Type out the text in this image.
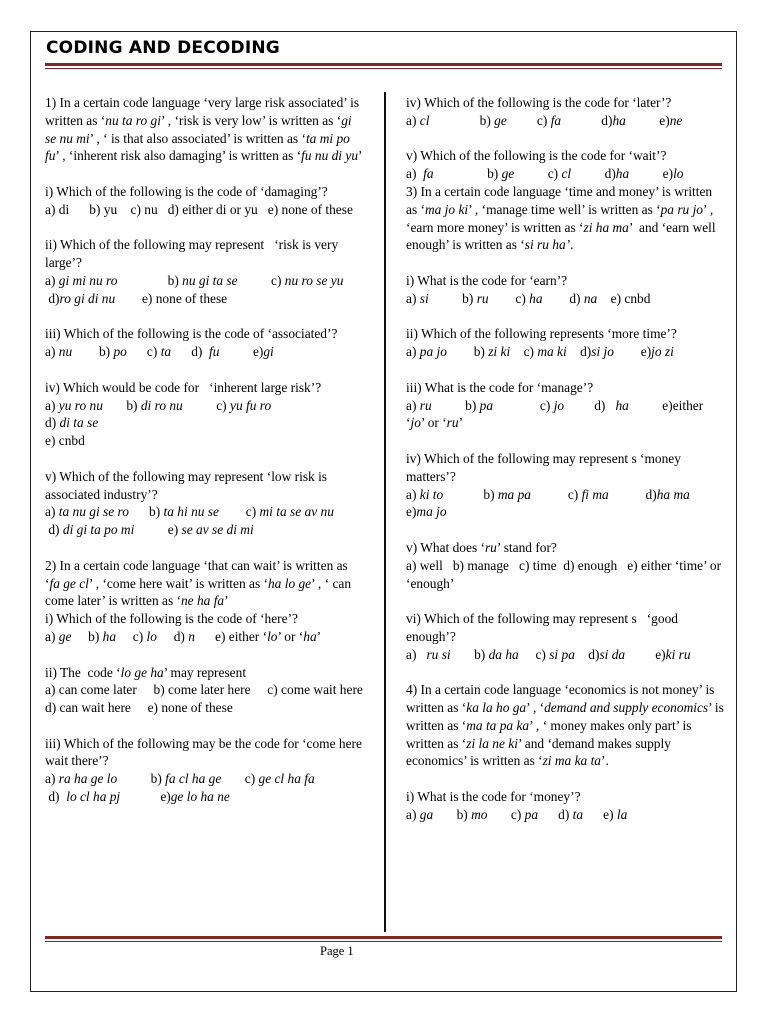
CODING AND DECODING

1) In a certain code language ‘very large risk associated’ is written as ‘nu ta ro gi’ , ‘risk is very low’ is written as ‘gi se nu mi’ , ‘ is that also associated’ is written as ‘ta mi po fu’ , ‘inherent risk also damaging’ is written as ‘fu nu di yu’

i) Which of the following is the code of ‘damaging’?

a) di      b) yu    c) nu   d) either di or yu   e) none of these

ii) Which of the following may represent   ‘risk is very large’?

a) gi mi nu ro               b) nu gi ta se          c) nu ro se yu

d)ro gi di nu        e) none of these

iii) Which of the following is the code of ‘associated’?

a) nu        b) po      c) ta      d)  fu          e)gi

iv) Which would be code for   ‘inherent large risk’?

a) yu ro nu       b) di ro nu          c) yu fu ro

d) di ta se

e) cnbd

v) Which of the following may represent ‘low risk is associated industry’?

a) ta nu gi se ro      b) ta hi nu se        c) mi ta se av nu

d) di gi ta po mi          e) se av se di mi

2) In a certain code language ‘that can wait’ is written as ‘fa ge cl’ , ‘come here wait’ is written as ‘ha lo ge’ , ‘ can come later’ is written as ‘ne ha fa’

i) Which of the following is the code of ‘here’?

a) ge     b) ha     c) lo     d) n      e) either ‘lo’ or ‘ha’

ii) The  code ‘lo ge ha’ may represent

a) can come later     b) come later here     c) come wait here      d) can wait here     e) none of these

iii) Which of the following may be the code for ‘come here wait there’?

a) ra ha ge lo          b) fa cl ha ge       c) ge cl ha fa

d)  lo cl ha pj            e)ge lo ha ne

iv) Which of the following is the code for ‘later’?

a) cl               b) ge         c) fa            d)ha          e)ne

v) Which of the following is the code for ‘wait’?

a)  fa                b) ge          c) cl          d)ha          e)lo

3) In a certain code language ‘time and money’ is written as ‘ma jo ki’ , ‘manage time well’ is written as ‘pa ru jo’ , ‘earn more money’ is written as ‘zi ha ma’  and ‘earn well enough’ is written as ‘si ru ha’.

i) What is the code for ‘earn’?

a) si          b) ru        c) ha        d) na    e) cnbd

ii) Which of the following represents ‘more time’?

a) pa jo        b) zi ki    c) ma ki    d)si jo        e)jo zi

iii) What is the code for ‘manage’?

a) ru          b) pa              c) jo         d)   ha          e)either ‘jo’ or ‘ru’

iv) Which of the following may represent s ‘money matters’?

a) ki to            b) ma pa           c) fi ma           d)ha ma

e)ma jo

v) What does ‘ru’ stand for?

a) well   b) manage   c) time  d) enough   e) either ‘time’ or ‘enough’

vi) Which of the following may represent s   ‘good enough’?

a)   ru si       b) da ha     c) si pa    d)si da         e)ki ru

4) In a certain code language ‘economics is not money’ is written as ‘ka la ho ga’ , ‘demand and supply economics’ is written as ‘ma ta pa ka’ , ‘ money makes only part’ is written as ‘zi la ne ki’ and ‘demand makes supply economics’ is written as ‘zi ma ka ta’.

i) What is the code for ‘money’?

a) ga       b) mo       c) pa      d) ta      e) la

Page 1
